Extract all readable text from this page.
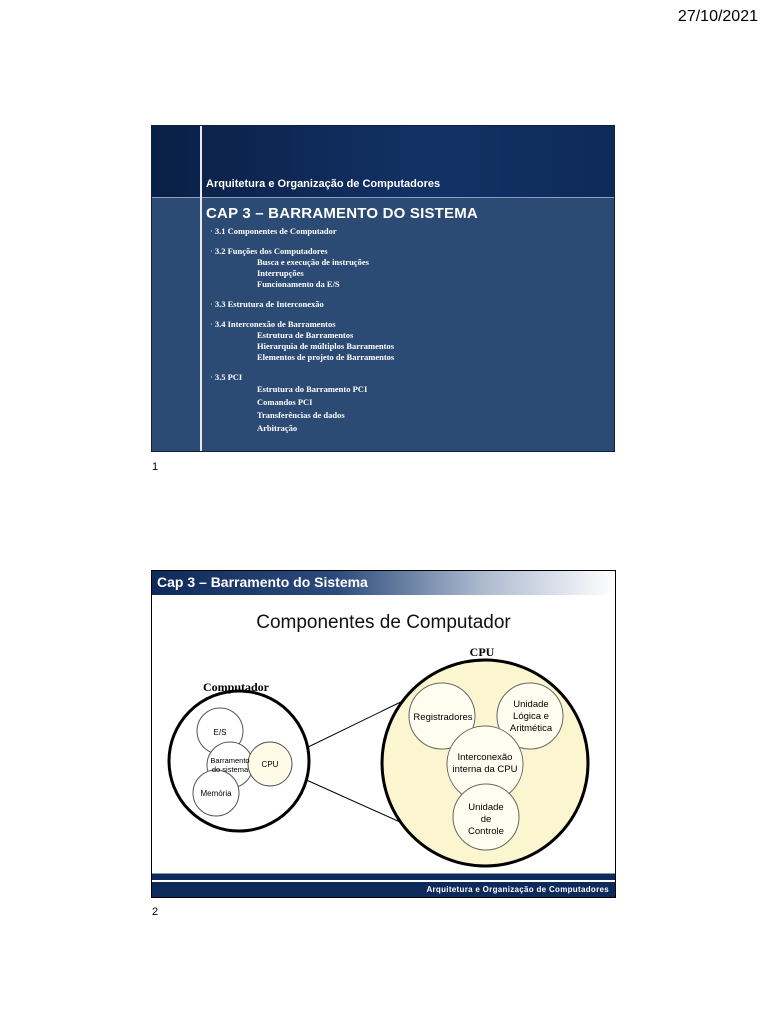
27/10/2021
Arquitetura e Organização de Computadores
CAP 3 – BARRAMENTO DO SISTEMA
· 3.1 Componentes de Computador
· 3.2 Funções dos Computadores
Busca e execução de instruções
Interrupções
Funcionamento da E/S
· 3.3 Estrutura de Interconexão
· 3.4 Interconexão de Barramentos
Estrutura de Barramentos
Hierarquia de múltiplos Barramentos
Elementos de projeto de Barramentos
· 3.5 PCI
Estrutura do Barramento PCI
Comandos PCI
Transferências de dados
Arbitração
1
Cap 3 – Barramento do Sistema
Componentes de Computador
E/S
Barramento
do sistema
CPU
Memória
Computador
CPU
Registradores
Unidade
Lógica e
Aritmética
Interconexão
interna da CPU
Unidade
de
Controle
Arquitetura e Organização de Computadores
2
